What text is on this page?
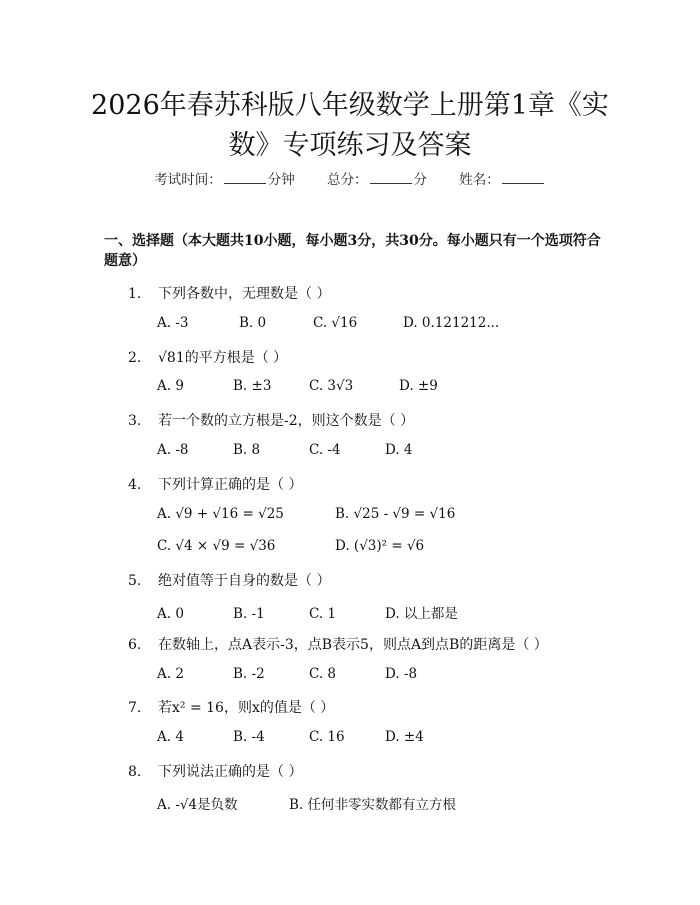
2026年春苏科版八年级数学上册第1章《实
数》专项练习及答案
考试时间：	分钟 总分：	分 姓名：
一、选择题（本大题共10小题，每小题3分，共30分。每小题只有一个选项符合题意）
1. 下列各数中，无理数是（ ）
A. -3	B. 0	C. √16	D. 0.121212...
2. √81的平方根是（ ）
A. 9	B. ±3	C. 3√3	D. ±9
3. 若一个数的立方根是-2，则这个数是（ ）
A. -8	B. 8	C. -4	D. 4
4. 下列计算正确的是（ ）
A. √9 + √16 = √25	B. √25 - √9 = √16
C. √4 × √9 = √36	D. (√3)² = √6
5. 绝对值等于自身的数是（ ）
A. 0	B. -1	C. 1	D. 以上都是
6. 在数轴上，点A表示-3，点B表示5，则点A到点B的距离是（ ）
A. 2	B. -2	C. 8	D. -8
7. 若x² = 16，则x的值是（ ）
A. 4	B. -4	C. 16	D. ±4
8. 下列说法正确的是（ ）
A. -√4是负数	B. 任何非零实数都有立方根
